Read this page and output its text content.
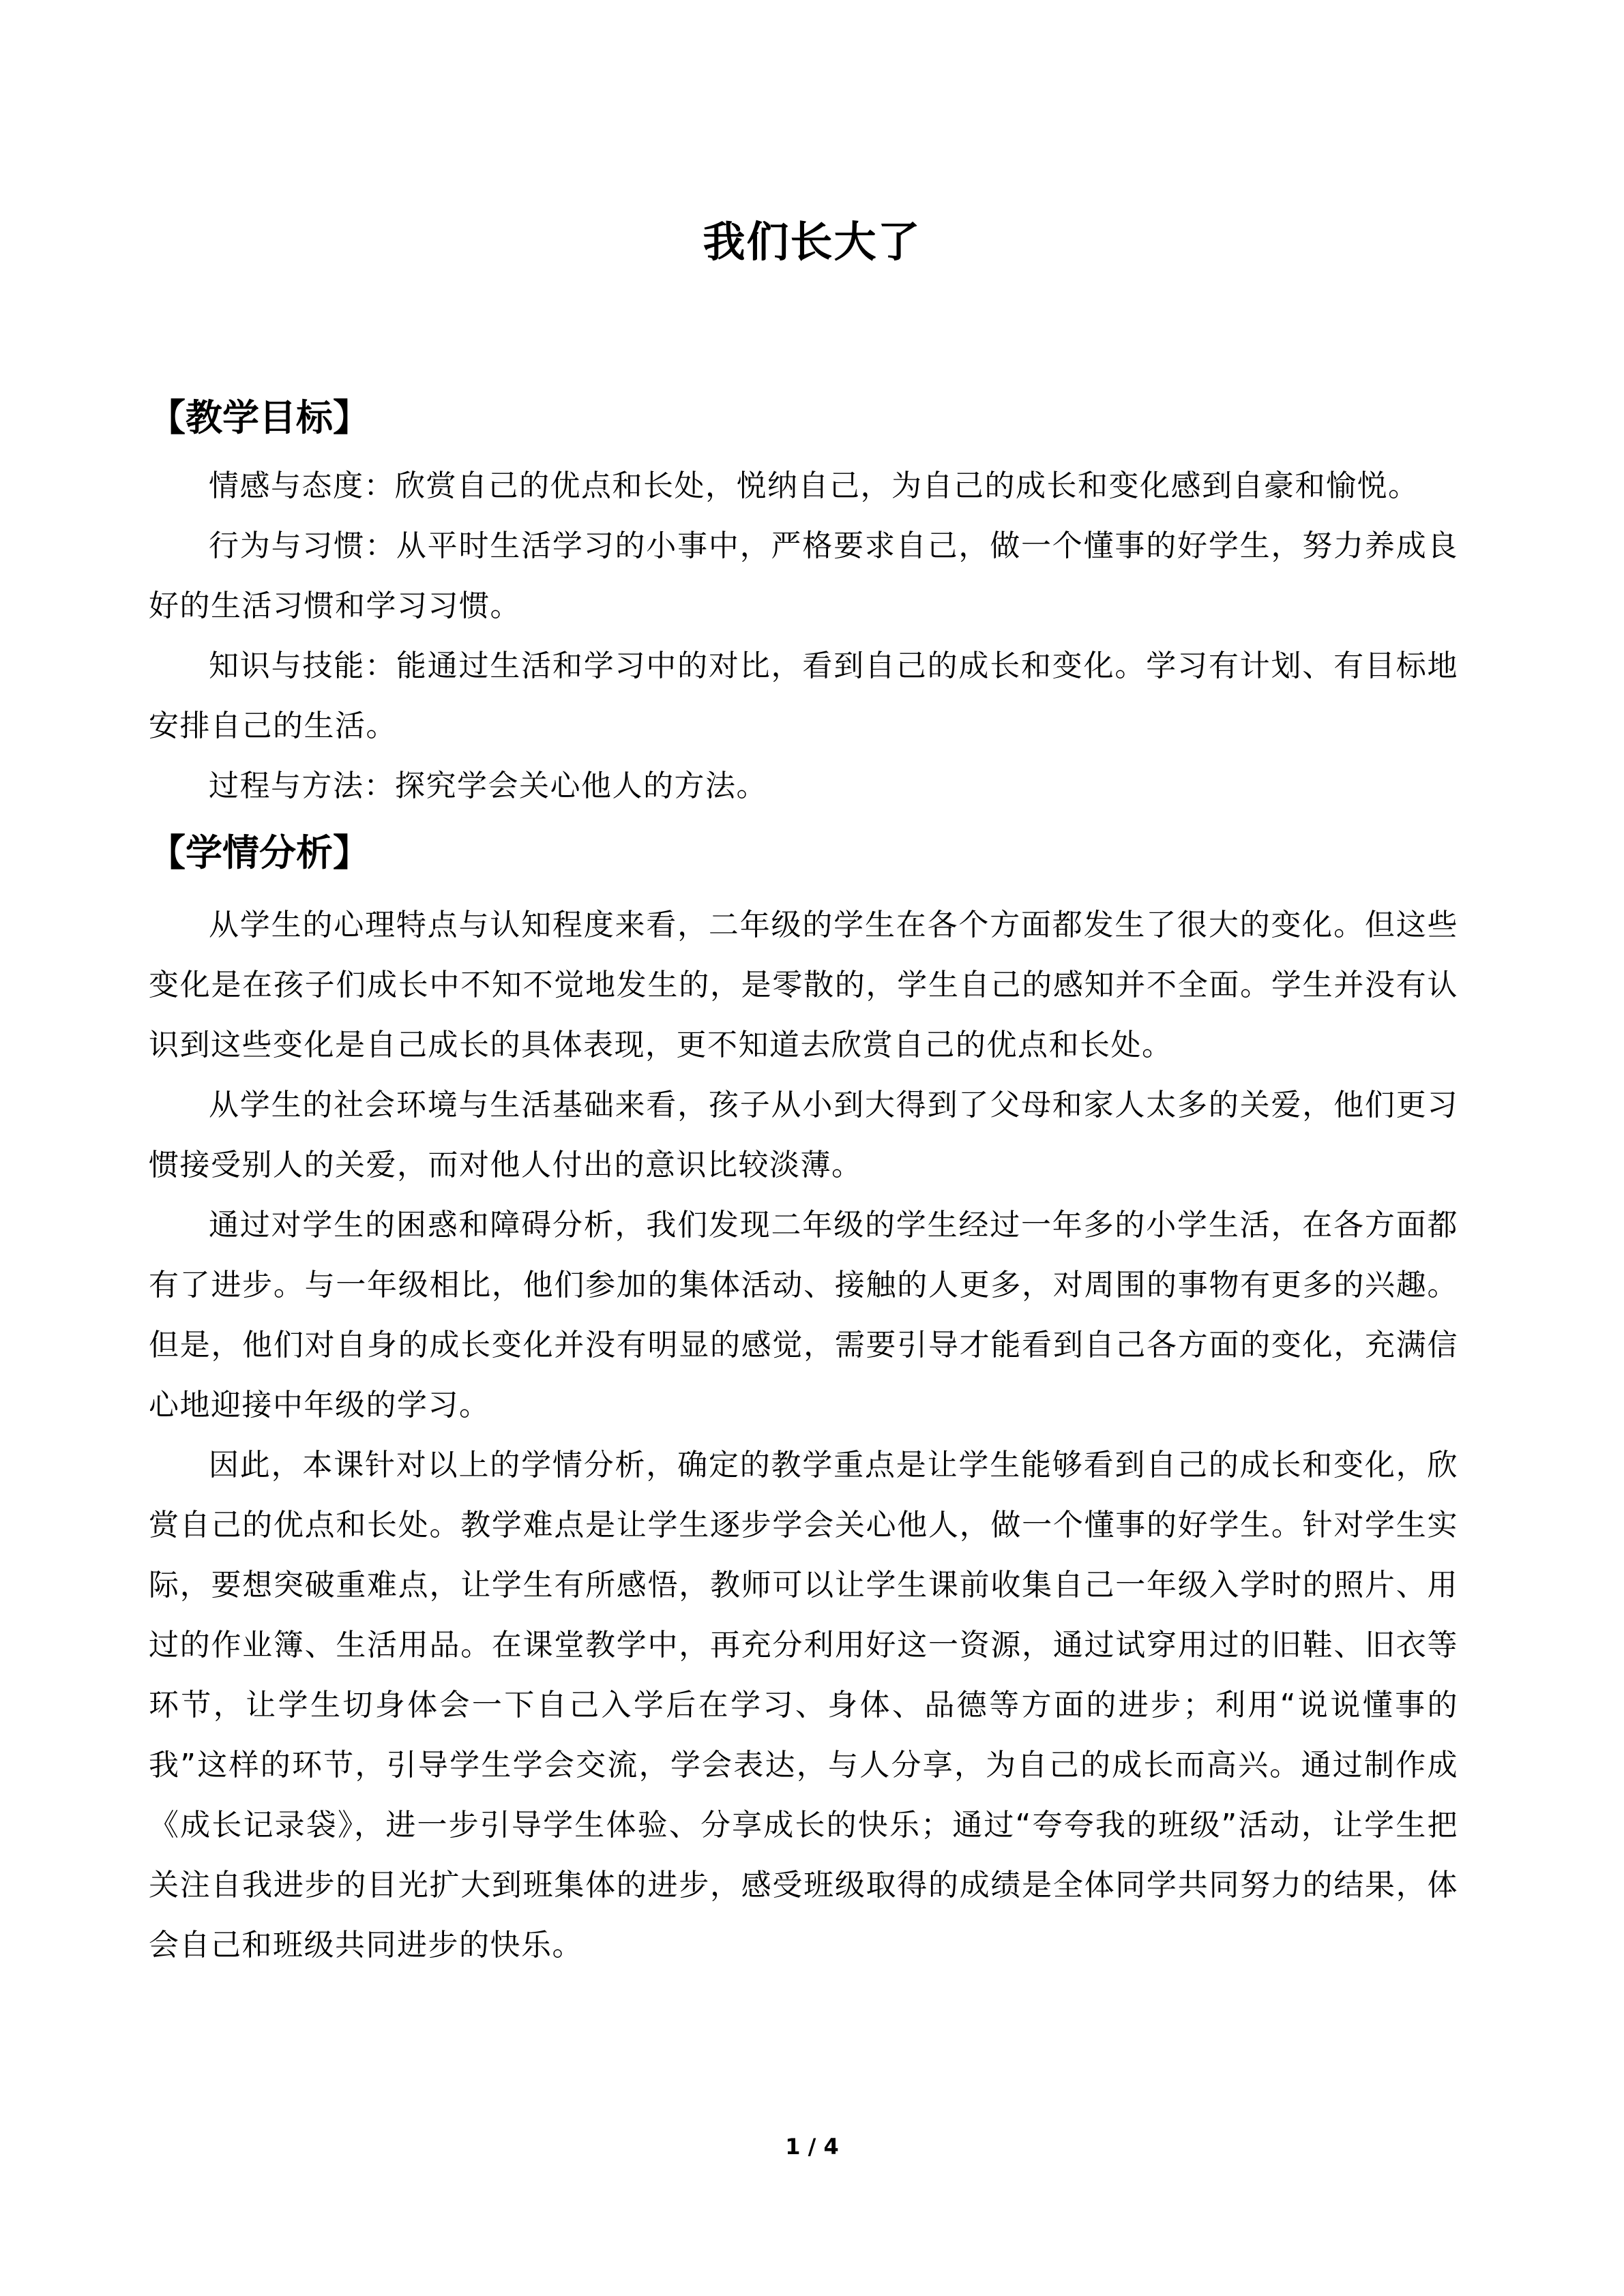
我们长大了
【教学目标】

情感与态度：欣赏自己的优点和长处，悦纳自己，为自己的成长和变化感到自豪和愉悦。

行为与习惯：从平时生活学习的小事中，严格要求自己，做一个懂事的好学生，努力养成良好的生活习惯和学习习惯。

知识与技能：能通过生活和学习中的对比，看到自己的成长和变化。学习有计划、有目标地安排自己的生活。

过程与方法：探究学会关心他人的方法。

【学情分析】

从学生的心理特点与认知程度来看，二年级的学生在各个方面都发生了很大的变化。但这些变化是在孩子们成长中不知不觉地发生的，是零散的，学生自己的感知并不全面。学生并没有认识到这些变化是自己成长的具体表现，更不知道去欣赏自己的优点和长处。

从学生的社会环境与生活基础来看，孩子从小到大得到了父母和家人太多的关爱，他们更习惯接受别人的关爱，而对他人付出的意识比较淡薄。

通过对学生的困惑和障碍分析，我们发现二年级的学生经过一年多的小学生活，在各方面都有了进步。与一年级相比，他们参加的集体活动、接触的人更多，对周围的事物有更多的兴趣。但是，他们对自身的成长变化并没有明显的感觉，需要引导才能看到自己各方面的变化，充满信心地迎接中年级的学习。

因此，本课针对以上的学情分析，确定的教学重点是让学生能够看到自己的成长和变化，欣赏自己的优点和长处。教学难点是让学生逐步学会关心他人，做一个懂事的好学生。针对学生实际，要想突破重难点，让学生有所感悟，教师可以让学生课前收集自己一年级入学时的照片、用过的作业簿、生活用品。在课堂教学中，再充分利用好这一资源，通过试穿用过的旧鞋、旧衣等环节，让学生切身体会一下自己入学后在学习、身体、品德等方面的进步；利用“说说懂事的我”这样的环节，引导学生学会交流，学会表达，与人分享，为自己的成长而高兴。通过制作成《成长记录袋》，进一步引导学生体验、分享成长的快乐；通过“夸夸我的班级”活动，让学生把关注自我进步的目光扩大到班集体的进步，感受班级取得的成绩是全体同学共同努力的结果，体会自己和班级共同进步的快乐。

1 / 4
